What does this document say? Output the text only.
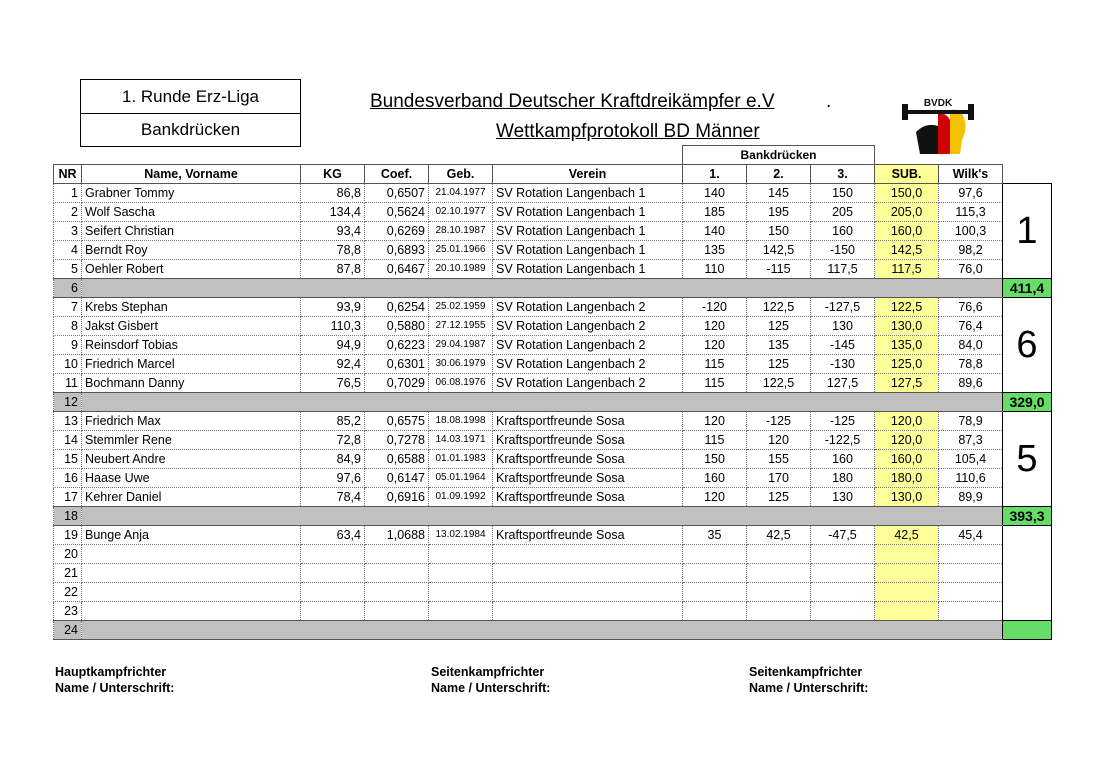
1. Runde Erz-Liga
Bankdrücken
Bundesverband Deutscher Kraftdreikämpfer e.V	.
Wettkampfprotokoll BD Männer
BVDK
						Bankdrücken					
NR	Name, Vorname	KG	Coef.	Geb.	Verein	1.	2.	3.	SUB.	Wilk's	
1	Grabner Tommy	86,8	0,6507	21.04.1977	SV Rotation Langenbach 1	140	145	150	150,0	97,6	1
2	Wolf Sascha	134,4	0,5624	02.10.1977	SV Rotation Langenbach 1	185	195	205	205,0	115,3	
3	Seifert Christian	93,4	0,6269	28.10.1987	SV Rotation Langenbach 1	140	150	160	160,0	100,3	
4	Berndt Roy	78,8	0,6893	25.01.1966	SV Rotation Langenbach 1	135	142,5	-150	142,5	98,2	
5	Oehler Robert	87,8	0,6467	20.10.1989	SV Rotation Langenbach 1	110	-115	117,5	117,5	76,0	
6											411,4
7	Krebs Stephan	93,9	0,6254	25.02.1959	SV Rotation Langenbach 2	-120	122,5	-127,5	122,5	76,6	6
8	Jakst Gisbert	110,3	0,5880	27.12.1955	SV Rotation Langenbach 2	120	125	130	130,0	76,4	
9	Reinsdorf Tobias	94,9	0,6223	29.04.1987	SV Rotation Langenbach 2	120	135	-145	135,0	84,0	
10	Friedrich Marcel	92,4	0,6301	30.06.1979	SV Rotation Langenbach 2	115	125	-130	125,0	78,8	
11	Bochmann Danny	76,5	0,7029	06.08.1976	SV Rotation Langenbach 2	115	122,5	127,5	127,5	89,6	
12											329,0
13	Friedrich Max	85,2	0,6575	18.08.1998	Kraftsportfreunde Sosa	120	-125	-125	120,0	78,9	5
14	Stemmler Rene	72,8	0,7278	14.03.1971	Kraftsportfreunde Sosa	115	120	-122,5	120,0	87,3	
15	Neubert Andre	84,9	0,6588	01.01.1983	Kraftsportfreunde Sosa	150	155	160	160,0	105,4	
16	Haase Uwe	97,6	0,6147	05.01.1964	Kraftsportfreunde Sosa	160	170	180	180,0	110,6	
17	Kehrer Daniel	78,4	0,6916	01.09.1992	Kraftsportfreunde Sosa	120	125	130	130,0	89,9	
18											393,3
19	Bunge Anja	63,4	1,0688	13.02.1984	Kraftsportfreunde Sosa	35	42,5	-47,5	42,5	45,4	
20											
21											
22											
23											
24											
Hauptkampfrichter
Name / Unterschrift:
Seitenkampfrichter
Name / Unterschrift:
Seitenkampfrichter
Name / Unterschrift:
